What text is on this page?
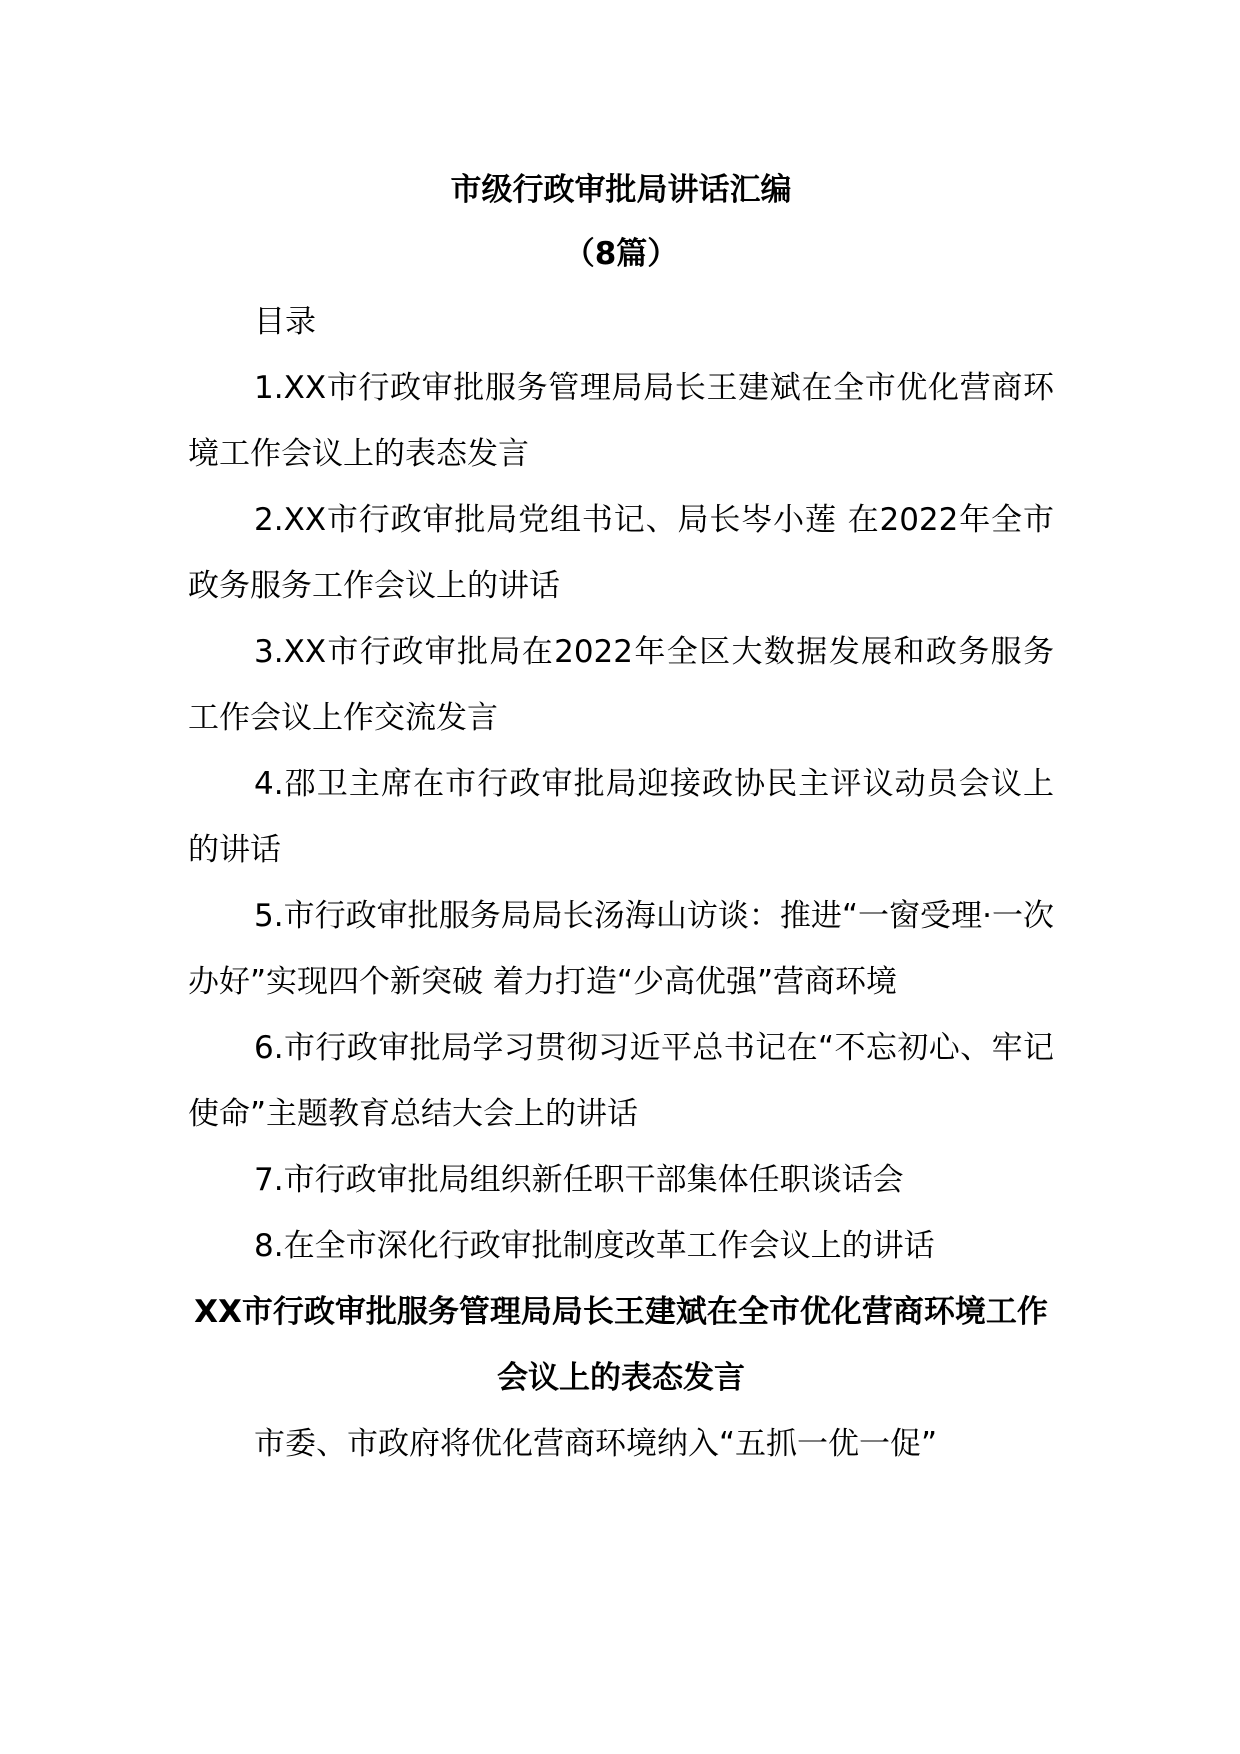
市级行政审批局讲话汇编
（8篇）

目录

1.XX市行政审批服务管理局局长王建斌在全市优化营商环境工作会议上的表态发言
2.XX市行政审批局党组书记、局长岑小莲 在2022年全市政务服务工作会议上的讲话
3.XX市行政审批局在2022年全区大数据发展和政务服务工作会议上作交流发言
4.邵卫主席在市行政审批局迎接政协民主评议动员会议上的讲话
5.市行政审批服务局局长汤海山访谈：推进“一窗受理·一次办好”实现四个新突破 着力打造“少高优强”营商环境
6.市行政审批局学习贯彻习近平总书记在“不忘初心、牢记使命”主题教育总结大会上的讲话
7.市行政审批局组织新任职干部集体任职谈话会
8.在全市深化行政审批制度改革工作会议上的讲话
XX市行政审批服务管理局局长王建斌在全市优化营商环境工作会议上的表态发言

市委、市政府将优化营商环境纳入“五抓一优一促”
